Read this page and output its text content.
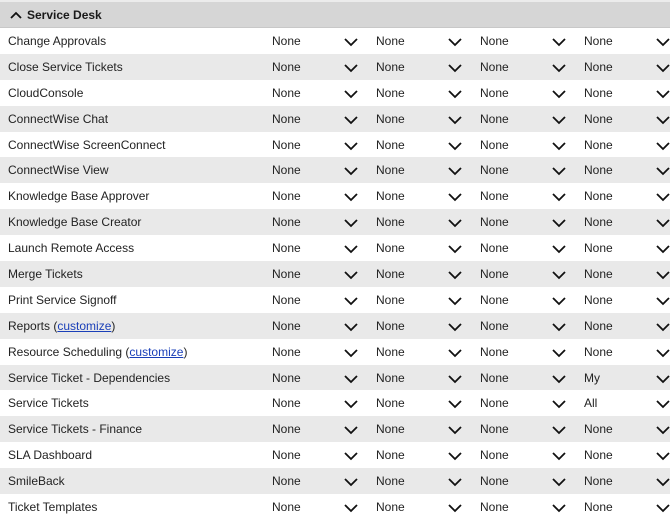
Service Desk
Change Approvals	None	None	None	None
Close Service Tickets	None	None	None	None
CloudConsole	None	None	None	None
ConnectWise Chat	None	None	None	None
ConnectWise ScreenConnect	None	None	None	None
ConnectWise View	None	None	None	None
Knowledge Base Approver	None	None	None	None
Knowledge Base Creator	None	None	None	None
Launch Remote Access	None	None	None	None
Merge Tickets	None	None	None	None
Print Service Signoff	None	None	None	None
Reports ( customize )	None	None	None	None
Resource Scheduling ( customize )	None	None	None	None
Service Ticket - Dependencies	None	None	None	My
Service Tickets	None	None	None	All
Service Tickets - Finance	None	None	None	None
SLA Dashboard	None	None	None	None
SmileBack	None	None	None	None
Ticket Templates	None	None	None	None
